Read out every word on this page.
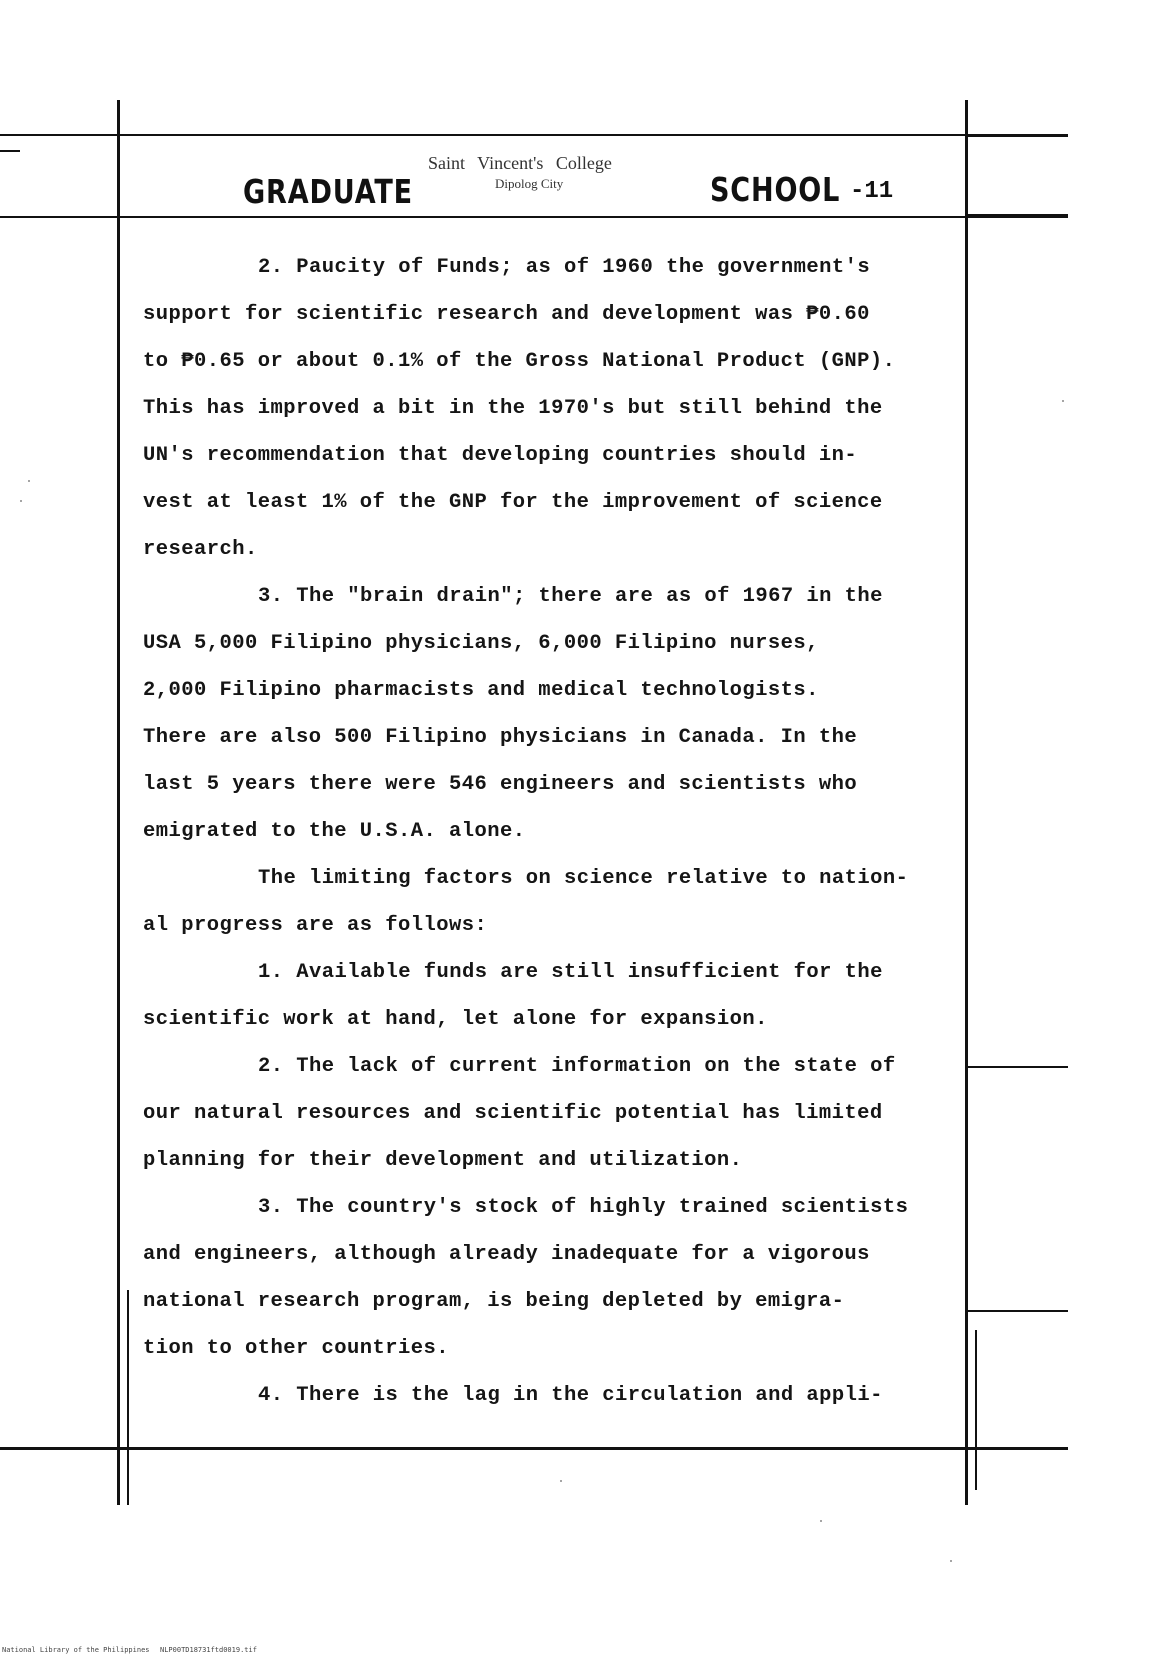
GRADUATE
Saint Vincent's College
Dipolog City	SCHOOL -11
2. Paucity of Funds; as of 1960 the government's
support for scientific research and development was ₱0.60
to ₱0.65 or about 0.1% of the Gross National Product (GNP).
This has improved a bit in the 1970's but still behind the
UN's recommendation that developing countries should in-
vest at least 1% of the GNP for the improvement of science
research.
3. The "brain drain"; there are as of 1967 in the
USA 5,000 Filipino physicians, 6,000 Filipino nurses,
2,000 Filipino pharmacists and medical technologists.
There are also 500 Filipino physicians in Canada. In the
last 5 years there were 546 engineers and scientists who
emigrated to the U.S.A. alone.
The limiting factors on science relative to nation-
al progress are as follows:
1. Available funds are still insufficient for the
scientific work at hand, let alone for expansion.
2. The lack of current information on the state of
our natural resources and scientific potential has limited
planning for their development and utilization.
3. The country's stock of highly trained scientists
and engineers, although already inadequate for a vigorous
national research program, is being depleted by emigra-
tion to other countries.
4. There is the lag in the circulation and appli-
National Library of the Philippines NLP00TD18731ftd0019.tif
